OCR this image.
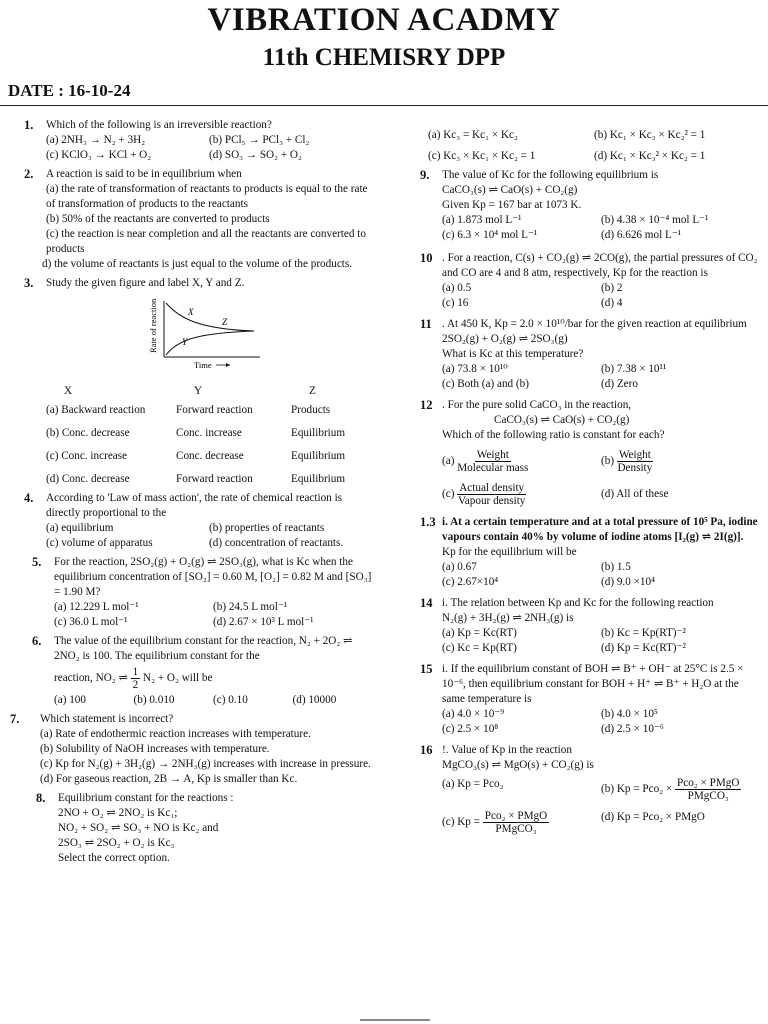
VIBRATION ACADMY
11th CHEMISRY DPP
DATE : 16-10-24
1.	Which of the following is an irreversible reaction?
(a) 2NH₃ → N₂ + 3H₂	(b) PCl₅ → PCl₃ + Cl₂
(c) KClO₃ → KCl + O₂	(d) SO₃ → SO₂ + O₂
2.	A reaction is said to be in equilibrium when
(a) the rate of transformation of reactants to products is equal to the rate of transformation of products to the reactants
(b) 50% of the reactants are converted to products
(c) the reaction is near completion and all the reactants are converted to products
d) the volume of reactants is just equal to the volume of the products.
3.	Study the given figure and label X, Y and Z.
Rate of reaction	X
Y
Z
Time
X	Y	Z
(a) Backward reaction	Forward reaction	Products
(b) Conc. decrease	Conc. increase	Equilibrium
(c) Conc. increase	Conc. decrease	Equilibrium
(d) Conc. decrease	Forward reaction	Equilibrium
4.	According to 'Law of mass action', the rate of chemical reaction is directly proportional to the
(a) equilibrium	(b) properties of reactants
(c) volume of apparatus	(d) concentration of reactants.
5.	For the reaction, 2SO₂(g) + O₂(g) ⇌ 2SO₃(g), what is Kc when the equilibrium concentration of [SO₂] = 0.60 M, [O₂] = 0.82 M and [SO₃] = 1.90 M?
(a) 12.229 L mol⁻¹	(b) 24.5 L mol⁻¹
(c) 36.0 L mol⁻¹	(d) 2.67 × 10³ L mol⁻¹
6.	The value of the equilibrium constant for the reaction, N₂ + 2O₂ ⇌ 2NO₂ is 100. The equilibrium constant for the
reaction, NO₂ ⇌ $\frac{1}{2} N_2 + O_2$ will be
(a) 100	(b) 0.010	(c) 0.10	(d) 10000
7.	Which statement is incorrect?
(a) Rate of endothermic reaction increases with temperature.
(b) Solubility of NaOH increases with temperature.
(c) Kp for N₂(g) + 3H₂(g) → 2NH₃(g) increases with increase in pressure.
(d) For gaseous reaction, 2B → A, Kp is smaller than Kc.
8.	Equilibrium constant for the reactions :
2NO + O₂ ⇌ 2NO₂ is Kc₁;
NO₂ + SO₂ ⇌ SO₃ + NO is Kc₂ and
2SO₃ ⇌ 2SO₂ + O₂ is Kc₃
Select the correct option.
(a) Kc₃ = Kc₁ × Kc₂	(b) Kc₁ × Kc₃ × Kc₂² = 1
(c) Kc₃ × Kc₁ × Kc₂ = 1	(d) Kc₁ × Kc₃² × Kc₂ = 1
9.	The value of Kc for the following equilibrium is
CaCO₃(s) ⇌ CaO(s) + CO₂(g)
Given Kp = 167 bar at 1073 K.
(a) 1.873 mol L⁻¹	(b) 4.38 × 10⁻⁴ mol L⁻¹
(c) 6.3 × 10⁴ mol L⁻¹	(d) 6.626 mol L⁻¹
10 . For a reaction, C(s) + CO₂(g) ⇌ 2CO(g), the partial pressures of CO₂ and CO are 4 and 8 atm, respectively, Kp for the reaction is
(a) 0.5	(b) 2
(c) 16	(d) 4
11 . At 450 K, Kp = 2.0 × 10¹⁰/bar for the given reaction at equilibrium
2SO₂(g) + O₂(g) ⇌ 2SO₃(g)
What is Kc at this temperature?
(a) 73.8 × 10¹⁰	(b) 7.38 × 10¹¹
(c) Both (a) and (b)	(d) Zero
12 . For the pure solid CaCO₃ in the reaction,
CaCO₃(s) ⇌ CaO(s) + CO₂(g)
Which of the following ratio is constant for each?
$(a) \frac{\text{Weight}}{\text{Molecular mass}}$	$(b) \frac{\text{Weight}}{\text{Density}}$
$(c) \frac{\text{Actual density}}{\text{Vapour density}}$	(d) All of these
1.3 i. At a certain temperature and at a total pressure of 10⁵ Pa, iodine vapours contain 40% by volume of iodine atoms [I₂(g) ⇌ 2I(g)].
Kp for the equilibrium will be
(a) 0.67	(b) 1.5
(c) 2.67×10⁴	(d) 9.0 ×10⁴
14 i. The relation between Kp and Kc for the following reaction
N₂(g) + 3H₂(g) ⇌ 2NH₃(g) is
(a) Kp = Kc(RT)	(b) Kc = Kp(RT)⁻²
(c) Kc = Kp(RT)	(d) Kp = Kc(RT)⁻²
15 i. If the equilibrium constant of BOH ⇌ B⁺ + OH⁻ at 25°C is 2.5 × 10⁻⁶, then equilibrium constant for BOH + H⁺ ⇌ B⁺ + H₂O at the same temperature is
(a) 4.0 × 10⁻⁹	(b) 4.0 × 10⁵
(c) 2.5 × 10⁸	(d) 2.5 × 10⁻⁶
16 !. Value of Kp in the reaction
MgCO₃(s) ⇌ MgO(s) + CO₂(g) is
(a) Kp = Pco₂	(b) $Kp = Pco_2 \times \frac{\text{Pco₂ × PMgO}}{\text{PMgCO₃}}$
(c) $Kp = \frac{\text{Pco₂ × PMgO}}{\text{PMgCO₃}}$	(d) Kp = Pco₂ × PMgO
